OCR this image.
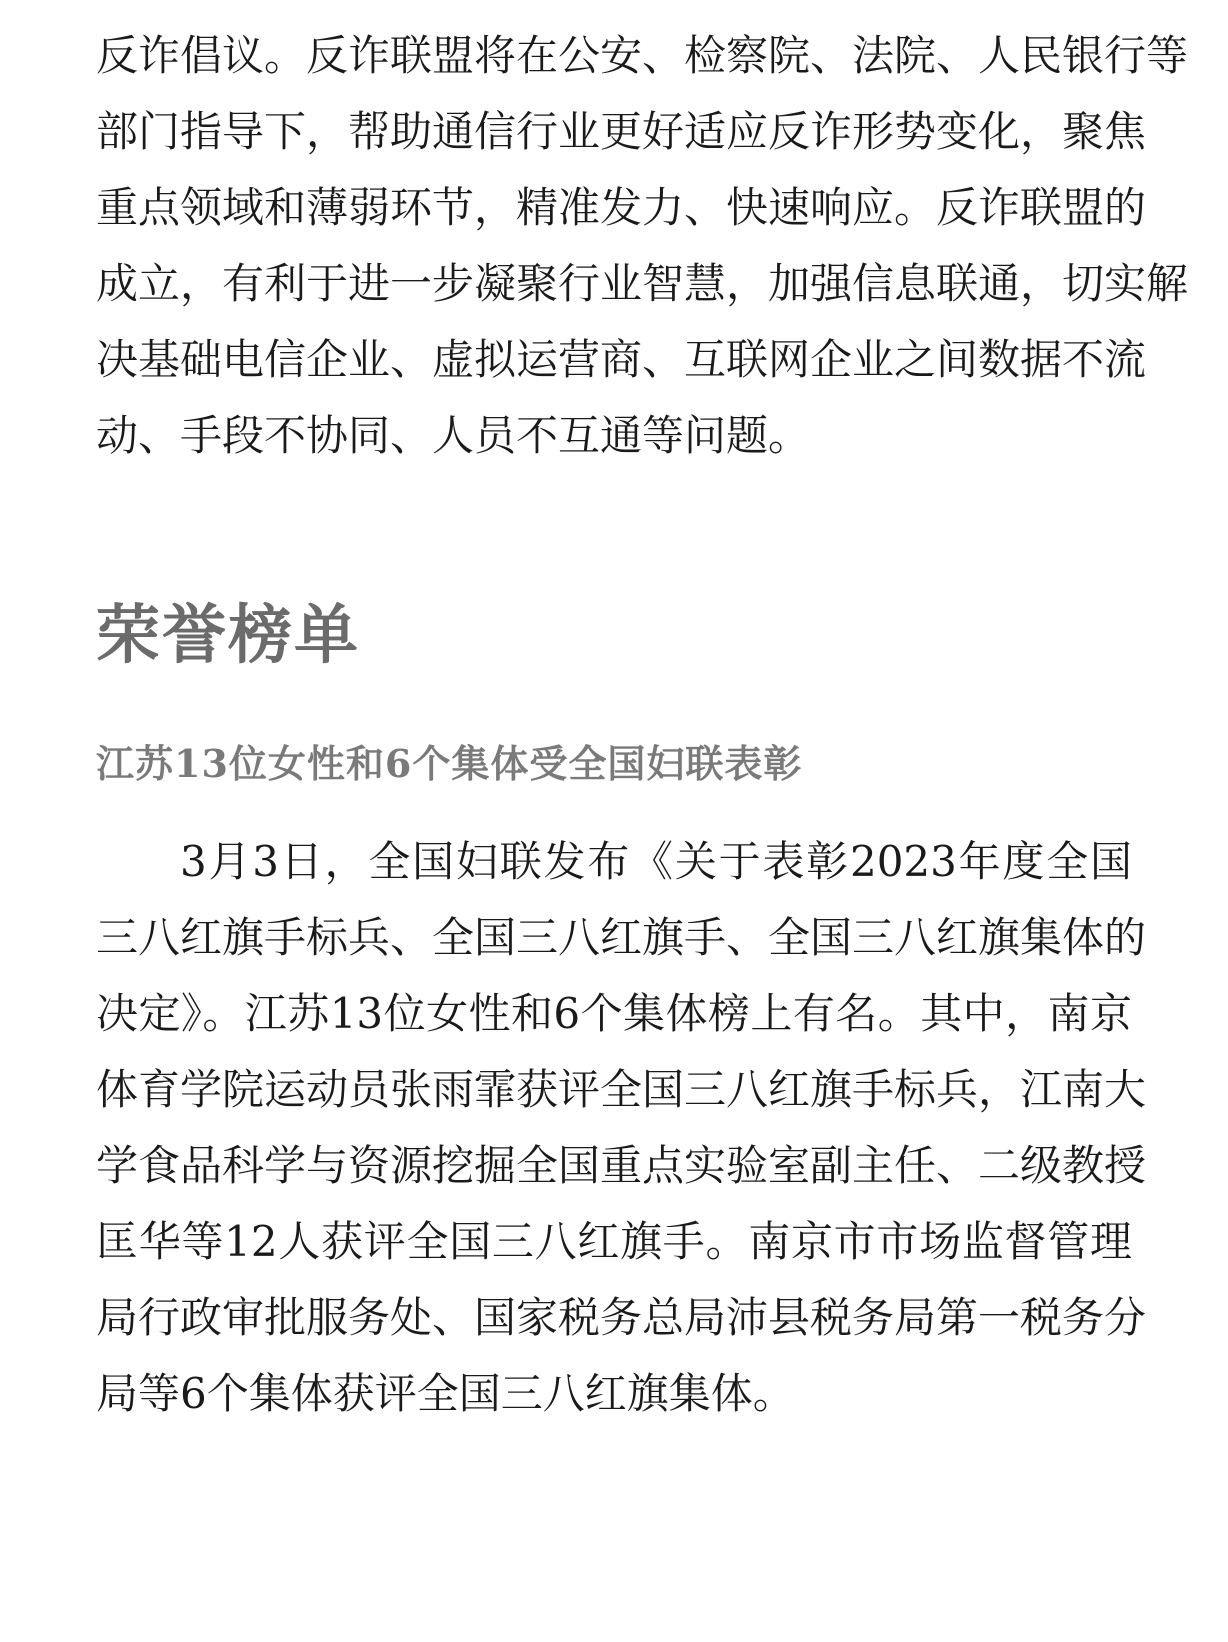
反诈倡议。反诈联盟将在公安、检察院、法院、人民银行等
部门指导下，帮助通信行业更好适应反诈形势变化，聚焦
重点领域和薄弱环节，精准发力、快速响应。反诈联盟的
成立，有利于进一步凝聚行业智慧，加强信息联通，切实解
决基础电信企业、虚拟运营商、互联网企业之间数据不流
动、手段不协同、人员不互通等问题。
荣誉榜单
江苏13位女性和6个集体受全国妇联表彰
3月3日，全国妇联发布《关于表彰2023年度全国
三八红旗手标兵、全国三八红旗手、全国三八红旗集体的
决定》。江苏13位女性和6个集体榜上有名。其中，南京
体育学院运动员张雨霏获评全国三八红旗手标兵，江南大
学食品科学与资源挖掘全国重点实验室副主任、二级教授
匡华等12人获评全国三八红旗手。南京市市场监督管理
局行政审批服务处、国家税务总局沛县税务局第一税务分
局等6个集体获评全国三八红旗集体。
